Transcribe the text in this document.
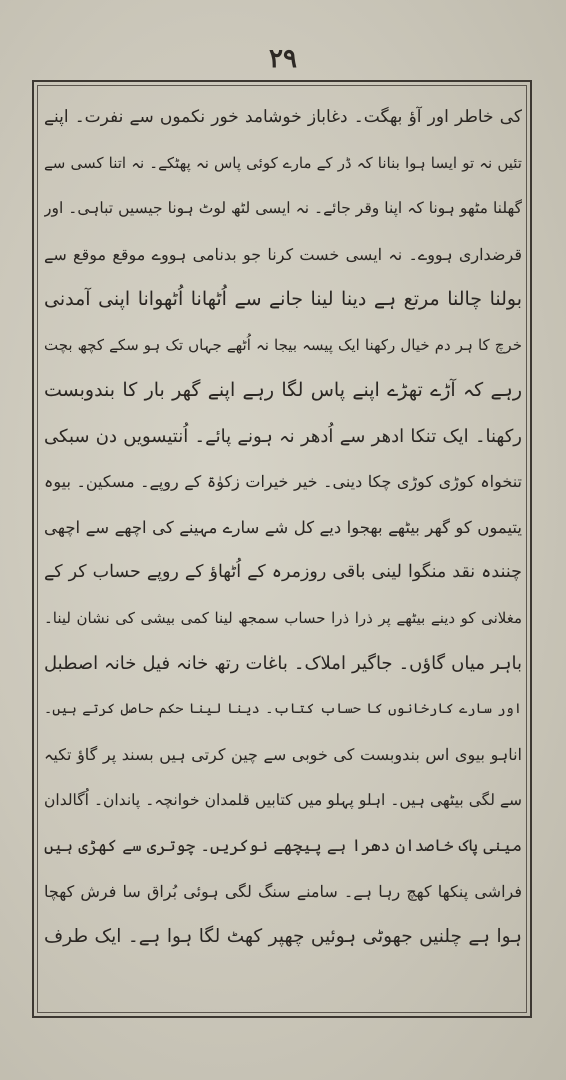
۲۹
کی خاطر اور آؤ بھگت۔ دغاباز خوشامد خور نکموں سے نفرت۔ اپنے
تئیں نہ تو ایسا ہوا بنانا کہ ڈر کے مارے کوئی پاس نہ پھٹکے۔ نہ اتنا کسی سے
گھلنا مٹھو ہونا کہ اپنا وقر جائے۔ نہ ایسی لٹھ لوٹ ہونا جیسیں تباہی۔ اور
قرضداری ہووے۔ نہ ایسی خست کرنا جو بدنامی ہووے موقع موقع سے
بولنا چالنا مرتع ہے دینا لینا جانے سے اُٹھانا اُٹھوانا اپنی آمدنی
خرچ کا ہر دم خیال رکھنا ایک پیسہ بیجا نہ اُٹھے جہاں تک ہو سکے کچھ بچت
رہے کہ آڑے تھڑے اپنے پاس لگا رہے اپنے گھر بار کا بندوبست
رکھنا۔ ایک تنکا ادھر سے اُدھر نہ ہونے پائے۔ اُنتیسویں دن سبکی
تنخواہ کوڑی کوڑی چکا دینی۔ خیر خیرات زکوٰۃ کے روپے۔ مسکین۔ بیوہ
یتیموں کو گھر بیٹھے بھجوا دیے کل شے سارے مہینے کی اچھے سے اچھی
چنندہ نقد منگوا لینی باقی روزمرہ کے اُٹھاؤ کے روپے حساب کر کے
مغلانی کو دینے بیٹھے پر ذرا ذرا حساب سمجھ لینا کمی بیشی کی نشان لینا۔
باہر میاں گاؤں۔ جاگیر املاک۔ باغات رتھ خانہ فیل خانہ اصطبل
اور سارے کارخانوں کا حساب کتاب۔ دینا لینا حکم حاصل کرتے ہیں۔
اناہو بیوی اس بندوبست کی خوبی سے چین کرتی ہیں بسند پر گاؤ تکیہ
سے لگی بیٹھی ہیں۔ اہلو پہلو میں کتابیں قلمدان خوانچہ۔ پاندان۔ اُگالدان
مینی پاک خاصدان دھرا ہے پیچھے نوکریں۔ چوتری سے کھڑی ہیں
فراشی پنکھا کھچ رہا ہے۔ سامنے سنگ لگی ہوئی بُراق سا فرش کھچا
ہوا ہے چلنیں جھوٹی ہوئیں چھپر کھٹ لگا ہوا ہے۔ ایک طرف
